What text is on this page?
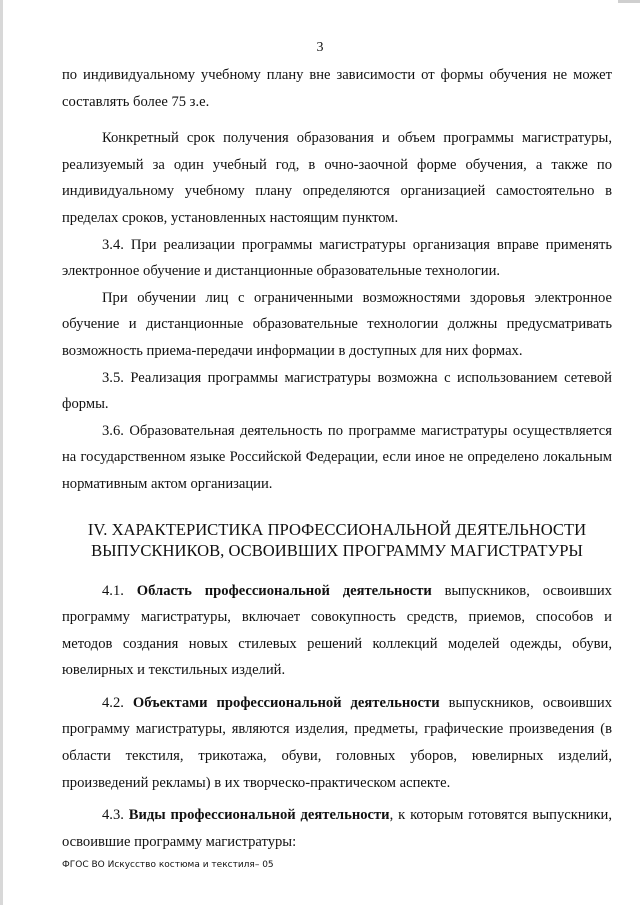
3

по индивидуальному учебному плану вне зависимости от формы обучения не может составлять более 75 з.е.

Конкретный срок получения образования и объем программы магистратуры, реализуемый за один учебный год, в очно-заочной форме обучения, а также по индивидуальному учебному плану определяются организацией самостоятельно в пределах сроков, установленных настоящим пунктом.

3.4. При реализации программы магистратуры организация вправе применять электронное обучение и дистанционные образовательные технологии.

При обучении лиц с ограниченными возможностями здоровья электронное обучение и дистанционные образовательные технологии должны предусматривать возможность приема-передачи информации в доступных для них формах.

3.5. Реализация программы магистратуры возможна с использованием сетевой формы.

3.6. Образовательная деятельность по программе магистратуры осуществляется на государственном языке Российской Федерации, если иное не определено локальным нормативным актом организации.

IV. ХАРАКТЕРИСТИКА ПРОФЕССИОНАЛЬНОЙ ДЕЯТЕЛЬНОСТИ
ВЫПУСКНИКОВ, ОСВОИВШИХ ПРОГРАММУ МАГИСТРАТУРЫ

4.1. Область профессиональной деятельности выпускников, освоивших программу магистратуры, включает совокупность средств, приемов, способов и методов создания новых стилевых решений коллекций моделей одежды, обуви, ювелирных и текстильных изделий.

4.2. Объектами профессиональной деятельности выпускников, освоивших программу магистратуры, являются изделия, предметы, графические произведения (в области текстиля, трикотажа, обуви, головных уборов, ювелирных изделий, произведений рекламы) в их творческо-практическом аспекте.

4.3. Виды профессиональной деятельности, к которым готовятся выпускники, освоившие программу магистратуры:

ФГОС ВО Искусство костюма и текстиля– 05
